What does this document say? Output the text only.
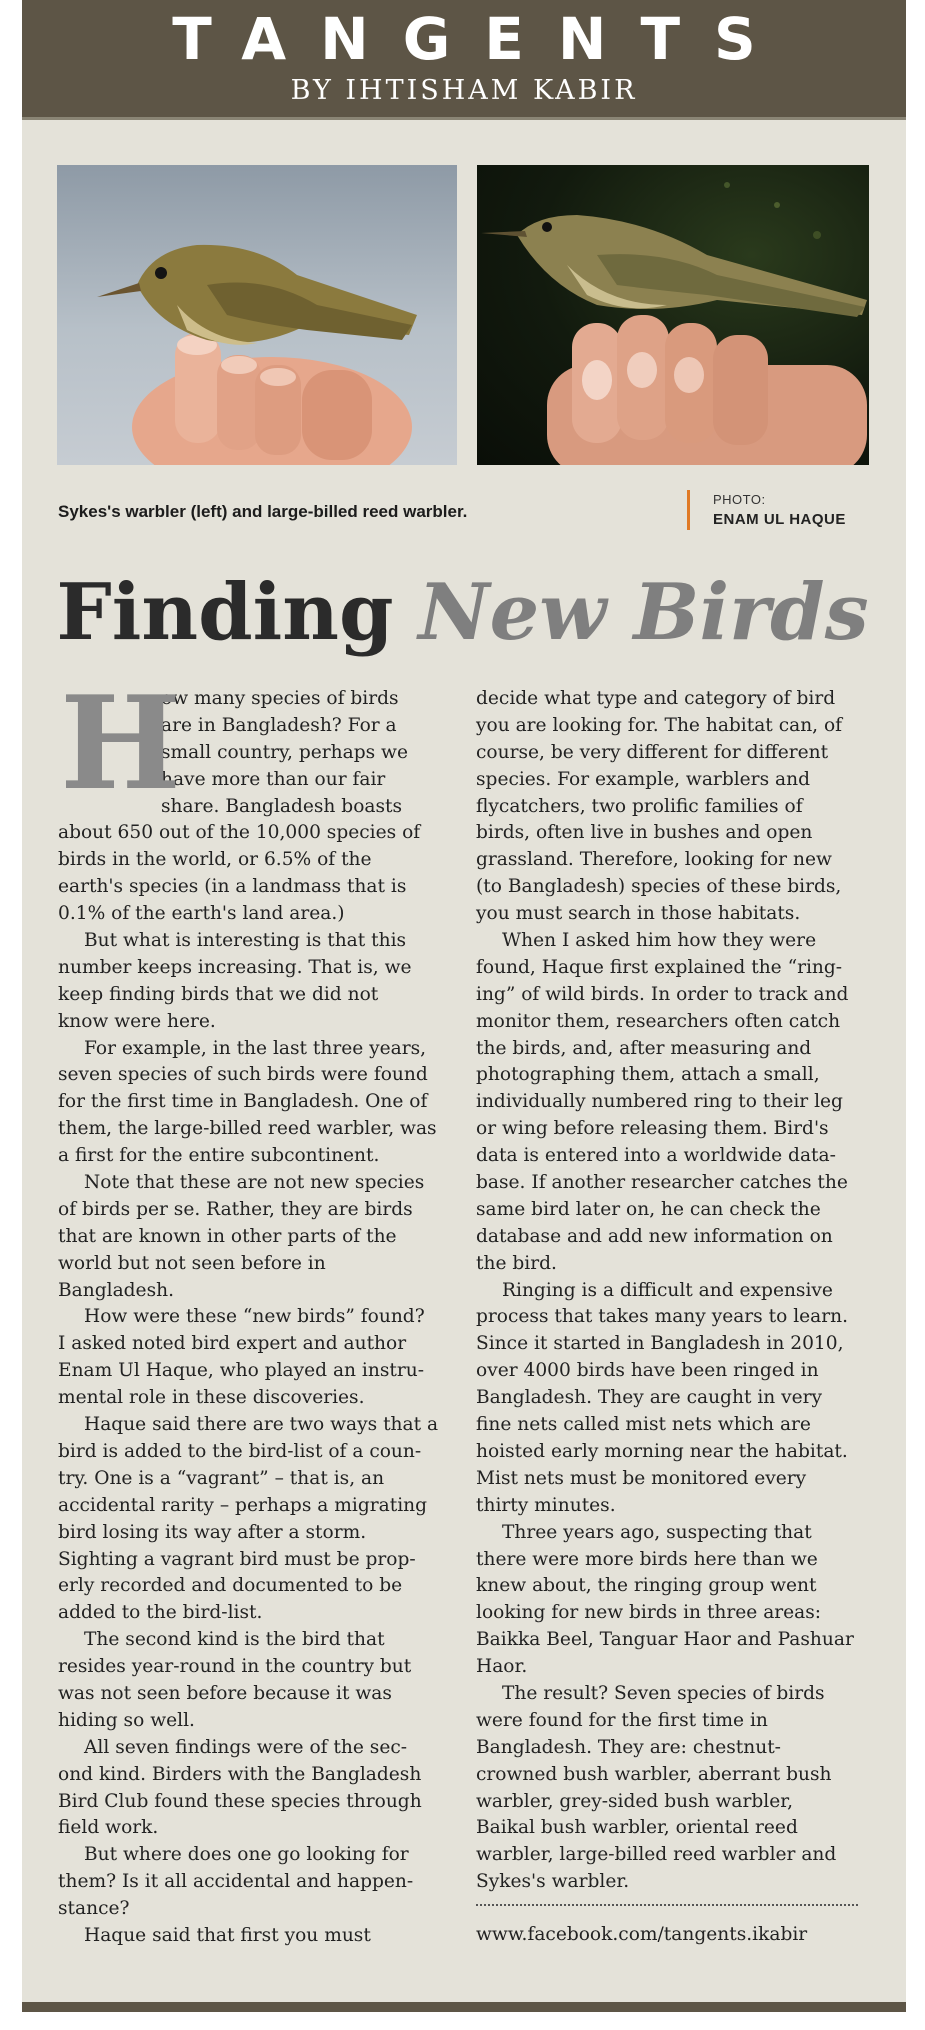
TANGENTS
BY IHTISHAM KABIR
Sykes's warbler (left) and large-billed reed warbler.
PHOTO:
ENAM UL HAQUE
Finding New Birds
H
ow many species of birds
are in Bangladesh? For a
small country, perhaps we
have more than our fair
share. Bangladesh boasts
about 650 out of the 10,000 species of
birds in the world, or 6.5% of the
earth's species (in a landmass that is
0.1% of the earth's land area.)
But what is interesting is that this
number keeps increasing. That is, we
keep finding birds that we did not
know were here.
For example, in the last three years,
seven species of such birds were found
for the first time in Bangladesh. One of
them, the large-billed reed warbler, was
a first for the entire subcontinent.
Note that these are not new species
of birds per se. Rather, they are birds
that are known in other parts of the
world but not seen before in
Bangladesh.
How were these “new birds” found?
I asked noted bird expert and author
Enam Ul Haque, who played an instru-
mental role in these discoveries.
Haque said there are two ways that a
bird is added to the bird-list of a coun-
try. One is a “vagrant” – that is, an
accidental rarity – perhaps a migrating
bird losing its way after a storm.
Sighting a vagrant bird must be prop-
erly recorded and documented to be
added to the bird-list.
The second kind is the bird that
resides year-round in the country but
was not seen before because it was
hiding so well.
All seven findings were of the sec-
ond kind. Birders with the Bangladesh
Bird Club found these species through
field work.
But where does one go looking for
them? Is it all accidental and happen-
stance?
Haque said that first you must
decide what type and category of bird
you are looking for. The habitat can, of
course, be very different for different
species. For example, warblers and
flycatchers, two prolific families of
birds, often live in bushes and open
grassland. Therefore, looking for new
(to Bangladesh) species of these birds,
you must search in those habitats.
When I asked him how they were
found, Haque first explained the “ring-
ing” of wild birds. In order to track and
monitor them, researchers often catch
the birds, and, after measuring and
photographing them, attach a small,
individually numbered ring to their leg
or wing before releasing them. Bird's
data is entered into a worldwide data-
base. If another researcher catches the
same bird later on, he can check the
database and add new information on
the bird.
Ringing is a difficult and expensive
process that takes many years to learn.
Since it started in Bangladesh in 2010,
over 4000 birds have been ringed in
Bangladesh. They are caught in very
fine nets called mist nets which are
hoisted early morning near the habitat.
Mist nets must be monitored every
thirty minutes.
Three years ago, suspecting that
there were more birds here than we
knew about, the ringing group went
looking for new birds in three areas:
Baikka Beel, Tanguar Haor and Pashuar
Haor.
The result? Seven species of birds
were found for the first time in
Bangladesh. They are: chestnut-
crowned bush warbler, aberrant bush
warbler, grey-sided bush warbler,
Baikal bush warbler, oriental reed
warbler, large-billed reed warbler and
Sykes's warbler.
www.facebook.com/tangents.ikabir
